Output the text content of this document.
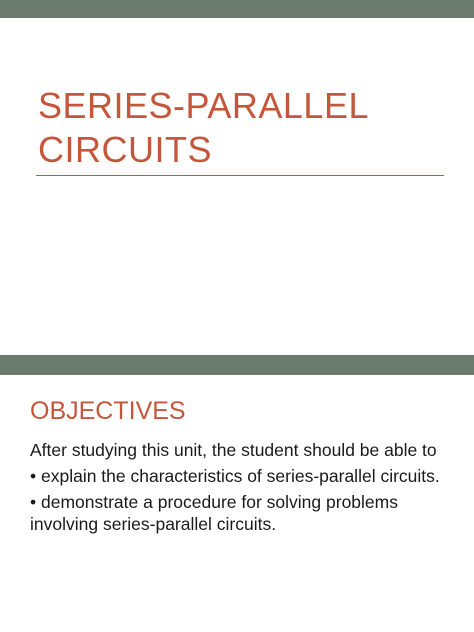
SERIES-PARALLEL
CIRCUITS
OBJECTIVES
After studying this unit, the student should be able to
• explain the characteristics of series-parallel circuits.
• demonstrate a procedure for solving problems involving series-parallel circuits.
